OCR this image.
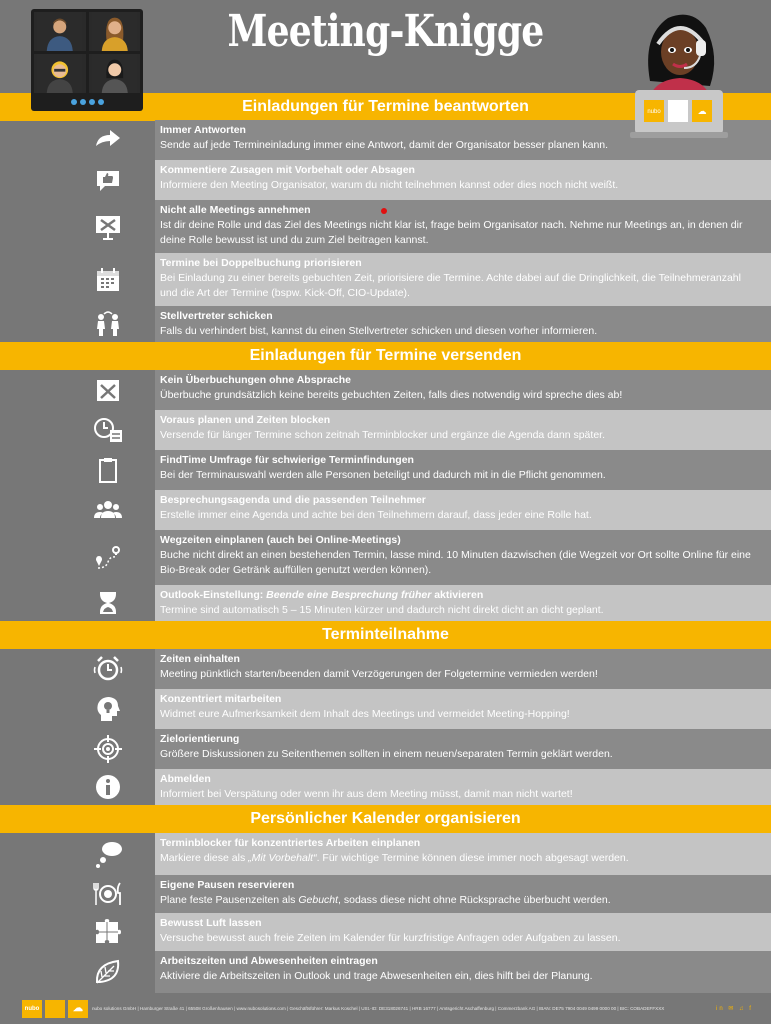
Meeting-Knigge
nubo	☁
Einladungen für Termine beantworten
Immer Antworten
Sende auf jede Termineinladung immer eine Antwort, damit der Organisator besser planen kann.
Kommentiere Zusagen mit Vorbehalt oder Absagen
Informiere den Meeting Organisator, warum du nicht teilnehmen kannst oder dies noch nicht weißt.
Nicht alle Meetings annehmen
Ist dir deine Rolle und das Ziel des Meetings nicht klar ist, frage beim Organisator nach. Nehme nur Meetings an, in denen dir deine Rolle bewusst ist und du zum Ziel beitragen kannst.
Termine bei Doppelbuchung priorisieren
Bei Einladung zu einer bereits gebuchten Zeit, priorisiere die Termine. Achte dabei auf die Dringlichkeit, die Teilnehmeranzahl und die Art der Termine (bspw. Kick-Off, CIO-Update).
Stellvertreter schicken
Falls du verhindert bist, kannst du einen Stellvertreter schicken und diesen vorher informieren.
Einladungen für Termine versenden
Kein Überbuchungen ohne Absprache
Überbuche grundsätzlich keine bereits gebuchten Zeiten, falls dies notwendig wird spreche dies ab!
Voraus planen und Zeiten blocken
Versende für länger Termine schon zeitnah Terminblocker und ergänze die Agenda dann später.
FindTime Umfrage für schwierige Terminfindungen
Bei der Terminauswahl werden alle Personen beteiligt und dadurch mit in die Pflicht genommen.
Besprechungsagenda und die passenden Teilnehmer
Erstelle immer eine Agenda und achte bei den Teilnehmern darauf, dass jeder eine Rolle hat.
Wegzeiten einplanen (auch bei Online-Meetings)
Buche nicht direkt an einen bestehenden Termin, lasse mind. 10 Minuten dazwischen (die Wegzeit vor Ort sollte Online für eine Bio-Break oder Getränk auffüllen genutzt werden können).
Outlook-Einstellung: Beende eine Besprechung früher aktivieren
Termine sind automatisch 5 – 15 Minuten kürzer und dadurch nicht direkt dicht an dicht geplant.
Terminteilnahme
Zeiten einhalten
Meeting pünktlich starten/beenden damit Verzögerungen der Folgetermine vermieden werden!
Konzentriert mitarbeiten
Widmet eure Aufmerksamkeit dem Inhalt des Meetings und vermeidet Meeting-Hopping!
Zielorientierung
Größere Diskussionen zu Seitenthemen sollten in einem neuen/separaten Termin geklärt werden.
Abmelden
Informiert bei Verspätung oder wenn ihr aus dem Meeting müsst, damit man nicht wartet!
Persönlicher Kalender organisieren
Terminblocker für konzentriertes Arbeiten einplanen
Markiere diese als „Mit Vorbehalt“. Für wichtige Termine können diese immer noch abgesagt werden.
Eigene Pausen reservieren
Plane feste Pausenzeiten als Gebucht, sodass diese nicht ohne Rücksprache überbucht werden.
Bewusst Luft lassen
Versuche bewusst auch freie Zeiten im Kalender für kurzfristige Anfragen oder Aufgaben zu lassen.
Arbeitszeiten und Abwesenheiten eintragen
Aktiviere die Arbeitszeiten in Outlook und trage Abwesenheiten ein, dies hilft bei der Planung.
nubo	☁	nubo solutions GmbH | Hamburger Straße 41 | 65508 Großenhausen | www.nubosolutions.com | Geschäftsführer: Markus Koschel | USt.-ID: DE318026741 | HRB 16777 | Amtsgericht Aschaffenburg | Commerzbank AG | IBAN: DE75 7904 0049 0499 0000 00 | BIC: COBADEFFXXX	in ✉ ♫ f
